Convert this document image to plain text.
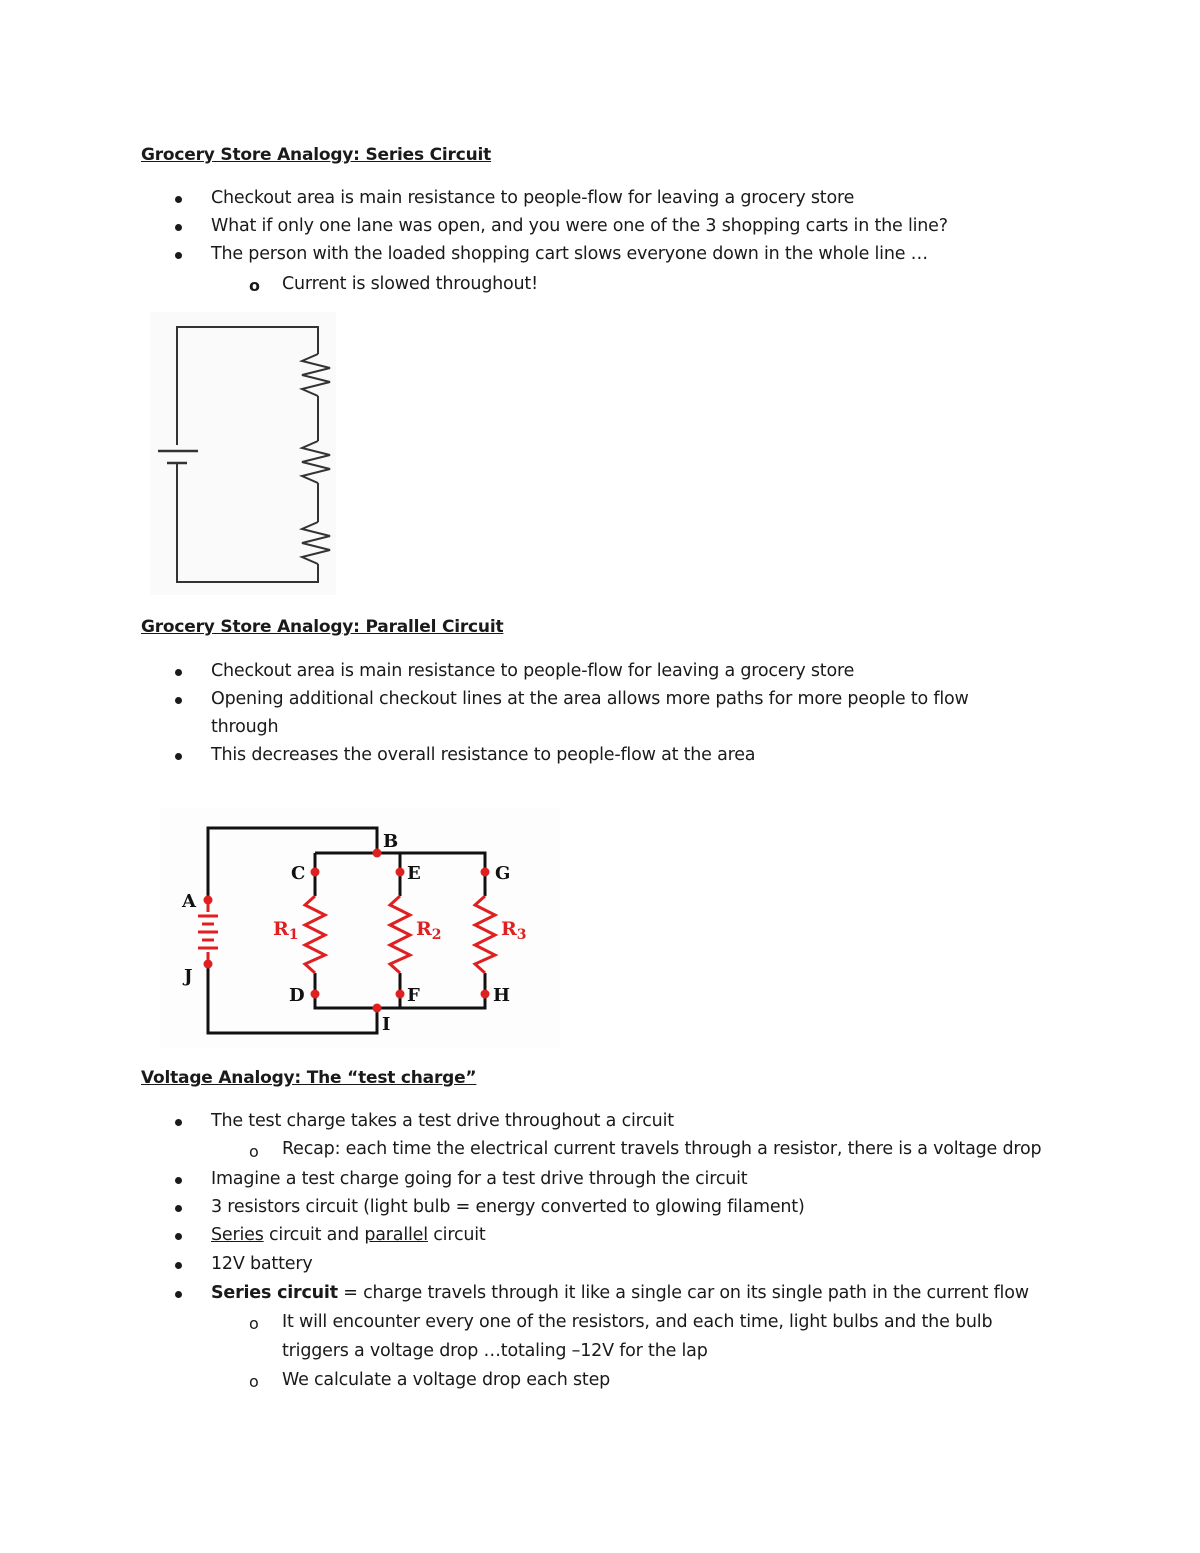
Grocery Store Analogy: Series Circuit
Checkout area is main resistance to people-flow for leaving a grocery store
What if only one lane was open, and you were one of the 3 shopping carts in the line?
The person with the loaded shopping cart slows everyone down in the whole line …
o Current is slowed throughout!
Grocery Store Analogy: Parallel Circuit
Checkout area is main resistance to people-flow for leaving a grocery store
Opening additional checkout lines at the area allows more paths for more people to flow
through
This decreases the overall resistance to people-flow at the area
A
B
C
D
E
F
G
H
I
J
$R_1$	$R_2$	$R_3$
Voltage Analogy: The “test charge”
The test charge takes a test drive throughout a circuit
o Recap: each time the electrical current travels through a resistor, there is a voltage drop
Imagine a test charge going for a test drive through the circuit
3 resistors circuit (light bulb = energy converted to glowing filament)
Series circuit and parallel circuit
12V battery
Series circuit = charge travels through it like a single car on its single path in the current flow
o It will encounter every one of the resistors, and each time, light bulbs and the bulb
triggers a voltage drop …totaling –12V for the lap
o We calculate a voltage drop each step
